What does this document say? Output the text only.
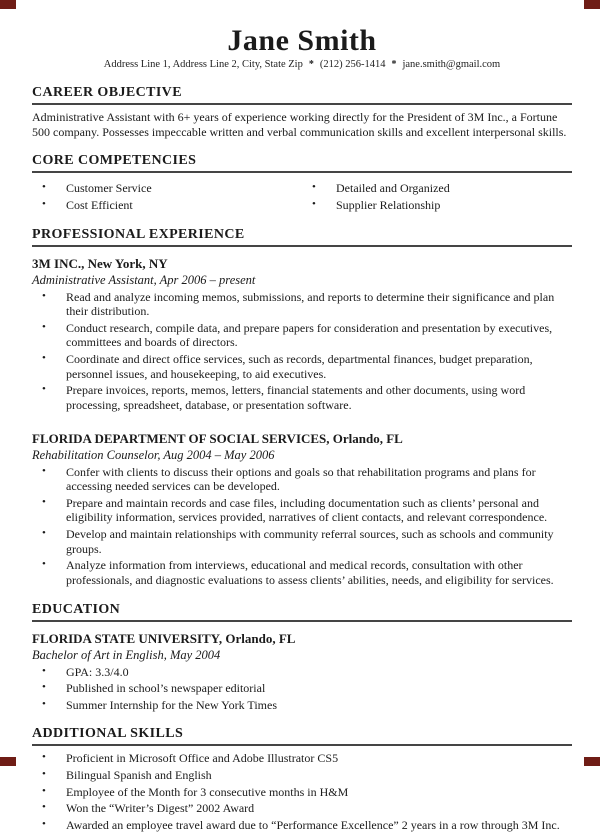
Jane Smith
Address Line 1, Address Line 2, City, State Zip * (212) 256-1414 * jane.smith@gmail.com
CAREER OBJECTIVE
Administrative Assistant with 6+ years of experience working directly for the President of 3M Inc., a Fortune 500 company. Possesses impeccable written and verbal communication skills and excellent interpersonal skills.
CORE COMPETENCIES
•	Customer Service
•	Cost Efficient
•	Detailed and Organized
•	Supplier Relationship
PROFESSIONAL EXPERIENCE
3M INC., New York, NY
Administrative Assistant, Apr 2006 – present
•	Read and analyze incoming memos, submissions, and reports to determine their significance and plan their distribution.
•	Conduct research, compile data, and prepare papers for consideration and presentation by executives, committees and boards of directors.
•	Coordinate and direct office services, such as records, departmental finances, budget preparation, personnel issues, and housekeeping, to aid executives.
•	Prepare invoices, reports, memos, letters, financial statements and other documents, using word processing, spreadsheet, database, or presentation software.
FLORIDA DEPARTMENT OF SOCIAL SERVICES, Orlando, FL
Rehabilitation Counselor, Aug 2004 – May 2006
•	Confer with clients to discuss their options and goals so that rehabilitation programs and plans for accessing needed services can be developed.
•	Prepare and maintain records and case files, including documentation such as clients’ personal and eligibility information, services provided, narratives of client contacts, and relevant correspondence.
•	Develop and maintain relationships with community referral sources, such as schools and community groups.
•	Analyze information from interviews, educational and medical records, consultation with other professionals, and diagnostic evaluations to assess clients’ abilities, needs, and eligibility for services.
EDUCATION
FLORIDA STATE UNIVERSITY, Orlando, FL
Bachelor of Art in English, May 2004
•	GPA: 3.3/4.0
•	Published in school’s newspaper editorial
•	Summer Internship for the New York Times
ADDITIONAL SKILLS
•	Proficient in Microsoft Office and Adobe Illustrator CS5
•	Bilingual Spanish and English
•	Employee of the Month for 3 consecutive months in H&M
•	Won the “Writer’s Digest” 2002 Award
•	Awarded an employee travel award due to “Performance Excellence” 2 years in a row through 3M Inc.
